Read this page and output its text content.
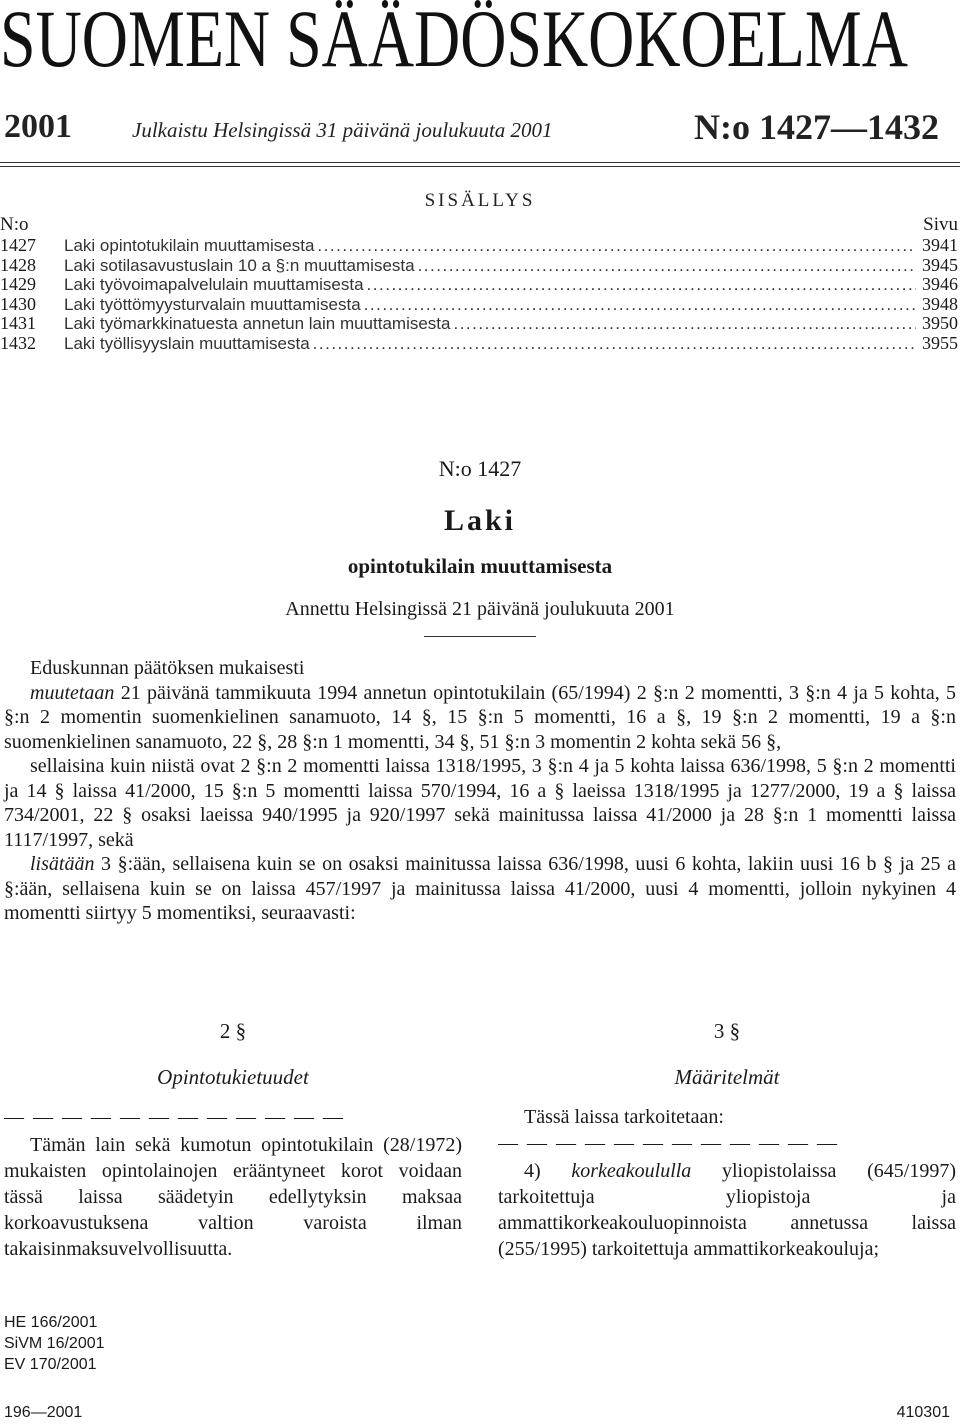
SUOMEN SÄÄDÖSKOKOELMA
2001	Julkaistu Helsingissä 31 päivänä joulukuuta 2001	N:o 1427—1432
SISÄLLYS
N:o	Sivu
1427	Laki opintotukilain muuttamisesta .....	3941
1428	Laki sotilasavustuslain 10 a §:n muuttamisesta .....	3945
1429	Laki työvoimapalvelulain muuttamisesta .....	3946
1430	Laki työttömyysturvalain muuttamisesta .....	3948
1431	Laki työmarkkinatuesta annetun lain muuttamisesta .....	3950
1432	Laki työllisyyslain muuttamisesta .....	3955
N:o 1427
Laki
opintotukilain muuttamisesta
Annettu Helsingissä 21 päivänä joulukuuta 2001

Eduskunnan päätöksen mukaisesti

muutetaan 21 päivänä tammikuuta 1994 annetun opintotukilain (65/1994) 2 §:n 2 momentti, 3 §:n 4 ja 5 kohta, 5 §:n 2 momentin suomenkielinen sanamuoto, 14 §, 15 §:n 5 momentti, 16 a §, 19 §:n 2 momentti, 19 a §:n suomenkielinen sanamuoto, 22 §, 28 §:n 1 momentti, 34 §, 51 §:n 3 momentin 2 kohta sekä 56 §,

sellaisina kuin niistä ovat 2 §:n 2 momentti laissa 1318/1995, 3 §:n 4 ja 5 kohta laissa 636/1998, 5 §:n 2 momentti ja 14 § laissa 41/2000, 15 §:n 5 momentti laissa 570/1994, 16 a § laeissa 1318/1995 ja 1277/2000, 19 a § laissa 734/2001, 22 § osaksi laeissa 940/1995 ja 920/1997 sekä mainitussa laissa 41/2000 ja 28 §:n 1 momentti laissa 1117/1997, sekä

lisätään 3 §:ään, sellaisena kuin se on osaksi mainitussa laissa 636/1998, uusi 6 kohta, lakiin uusi 16 b § ja 25 a §:ään, sellaisena kuin se on laissa 457/1997 ja mainitussa laissa 41/2000, uusi 4 momentti, jolloin nykyinen 4 momentti siirtyy 5 momentiksi, seuraavasti:

2 §
Opintotukietuudet
— — — — — — — — — — — —

Tämän lain sekä kumotun opintotukilain (28/1972) mukaisten opintolainojen erääntyneet korot voidaan tässä laissa säädetyin edellytyksin maksaa korkoavustuksena valtion varoista ilman takaisinmaksuvelvollisuutta.

3 §
Määritelmät

Tässä laissa tarkoitetaan:

— — — — — — — — — — — —

4) korkeakoululla yliopistolaissa (645/1997) tarkoitettuja yliopistoja ja ammattikorkeakouluopinnoista annetussa laissa (255/1995) tarkoitettuja ammattikorkeakouluja;

HE 166/2001
SiVM 16/2001
EV 170/2001
196—2001	410301
